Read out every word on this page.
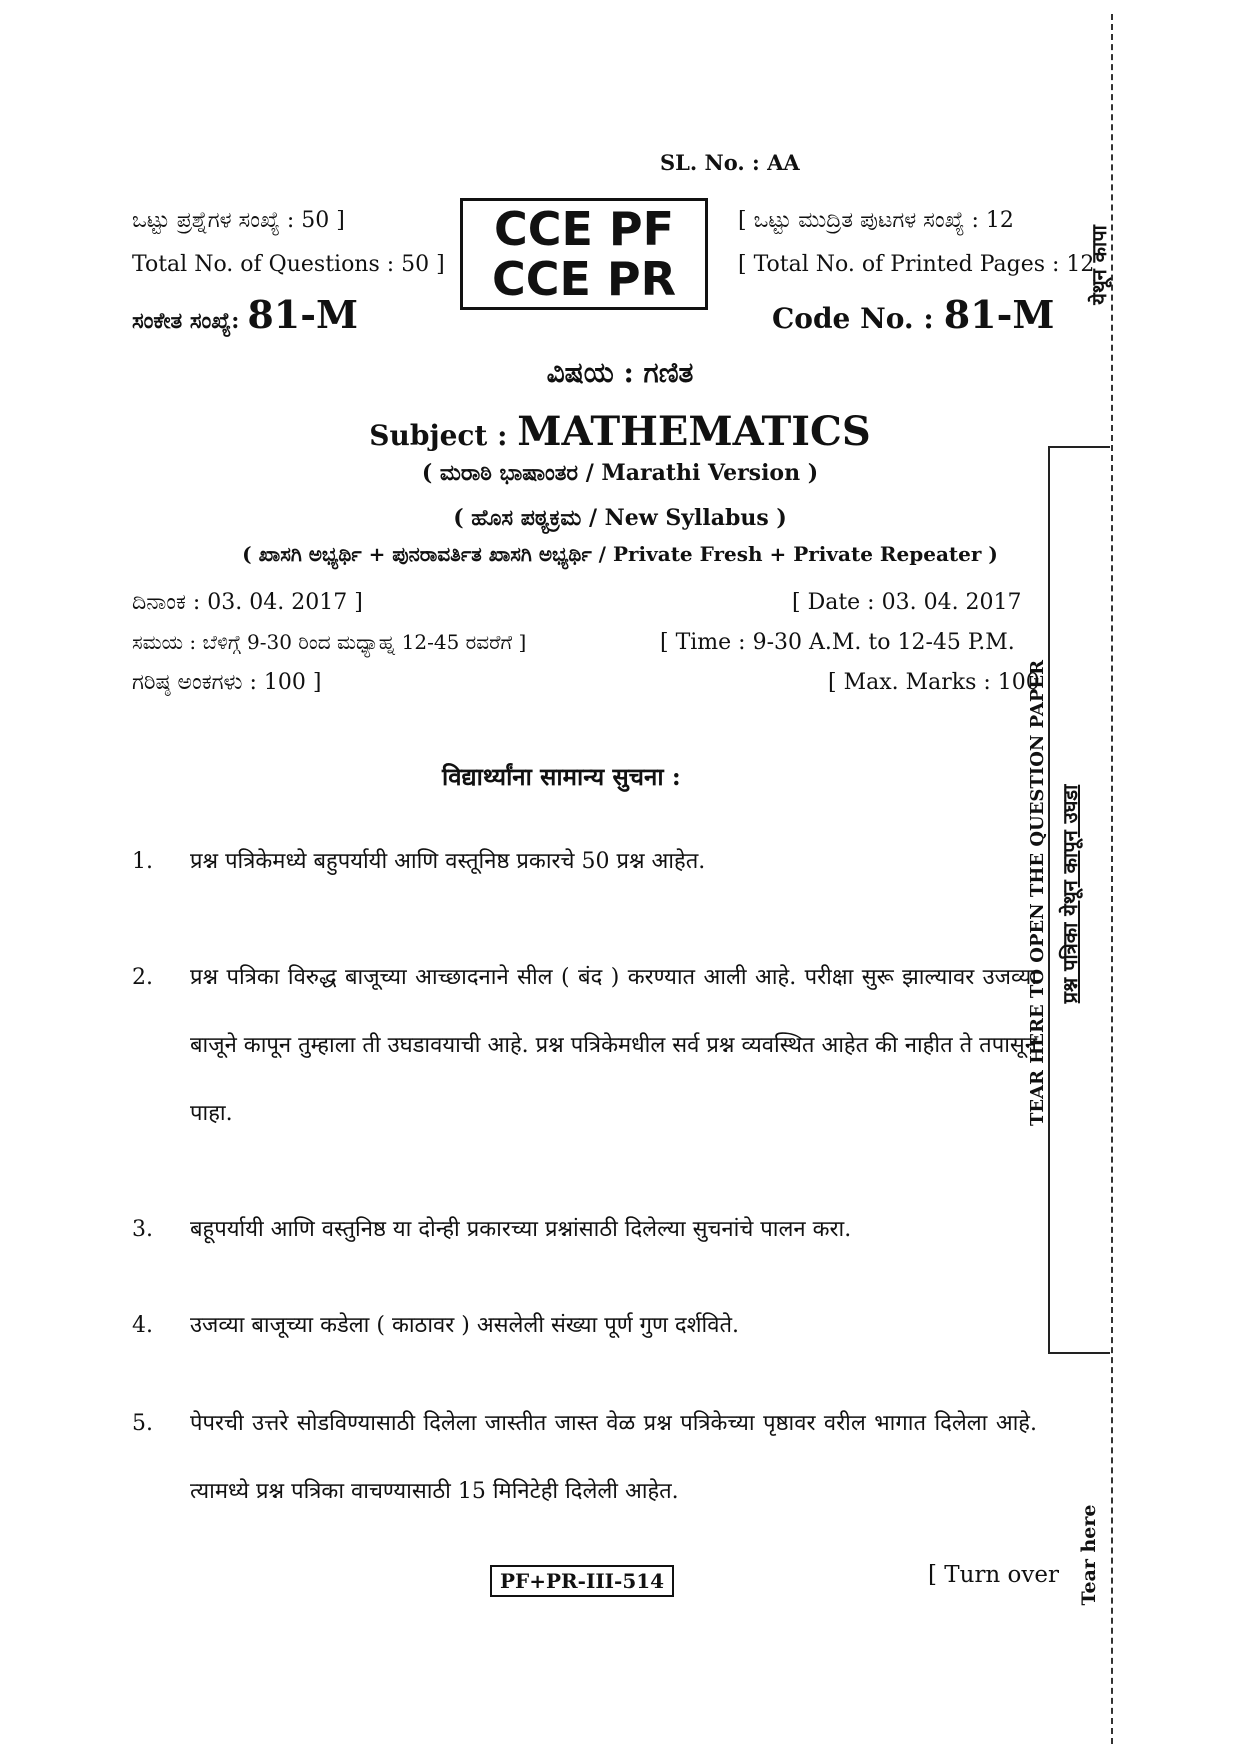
SL. No. : AA
ಒಟ್ಟು ಪ್ರಶ್ನೆಗಳ ಸಂಖ್ಯೆ : 50 ]
Total No. of Questions : 50 ]
ಸಂಕೇತ ಸಂಖ್ಯೆ: 81-M
CCE PF
CCE PR
[ ಒಟ್ಟು ಮುದ್ರಿತ ಪುಟಗಳ ಸಂಖ್ಯೆ : 12
[ Total No. of Printed Pages : 12
Code No. : 81-M
ವಿಷಯ : ಗಣಿತ
Subject : MATHEMATICS
( ಮರಾಠಿ ಭಾಷಾಂತರ / Marathi Version )
( ಹೊಸ ಪಠ್ಯಕ್ರಮ / New Syllabus )
( ಖಾಸಗಿ ಅಭ್ಯರ್ಥಿ + ಪುನರಾವರ್ತಿತ ಖಾಸಗಿ ಅಭ್ಯರ್ಥಿ / Private Fresh + Private Repeater )
ದಿನಾಂಕ : 03. 04. 2017 ]	[ Date : 03. 04. 2017
ಸಮಯ : ಬೆಳಿಗ್ಗೆ 9-30 ರಿಂದ ಮಧ್ಯಾಹ್ನ 12-45 ರವರೆಗೆ ]	[ Time : 9-30 A.M. to 12-45 P.M.
ಗರಿಷ್ಠ ಅಂಕಗಳು : 100 ]	[ Max. Marks : 100
विद्यार्थ्यांना सामान्य सुचना :
1. प्रश्न पत्रिकेमध्ये बहुपर्यायी आणि वस्तूनिष्ठ प्रकारचे 50 प्रश्न आहेत.
2. प्रश्न पत्रिका विरुद्ध बाजूच्या आच्छादनाने सील ( बंद ) करण्यात आली आहे. परीक्षा सुरू झाल्यावर उजव्या बाजूने कापून तुम्हाला ती उघडावयाची आहे. प्रश्न पत्रिकेमधील सर्व प्रश्न व्यवस्थित आहेत की नाहीत ते तपासून पाहा.
3. बहूपर्यायी आणि वस्तुनिष्ठ या दोन्ही प्रकारच्या प्रश्नांसाठी दिलेल्या सुचनांचे पालन करा.
4. उजव्या बाजूच्या कडेला ( काठावर ) असलेली संख्या पूर्ण गुण दर्शविते.
5. पेपरची उत्तरे सोडविण्यासाठी दिलेला जास्तीत जास्त वेळ प्रश्न पत्रिकेच्या पृष्ठावर वरील भागात दिलेला आहे. त्यामध्ये प्रश्न पत्रिका वाचण्यासाठी 15 मिनिटेही दिलेली आहेत.
PF+PR-III-514	[ Turn over
येथून कापा
TEAR HERE TO OPEN THE QUESTION PAPER प्रश्न पत्रिका येथून कापून उघडा
Tear here
